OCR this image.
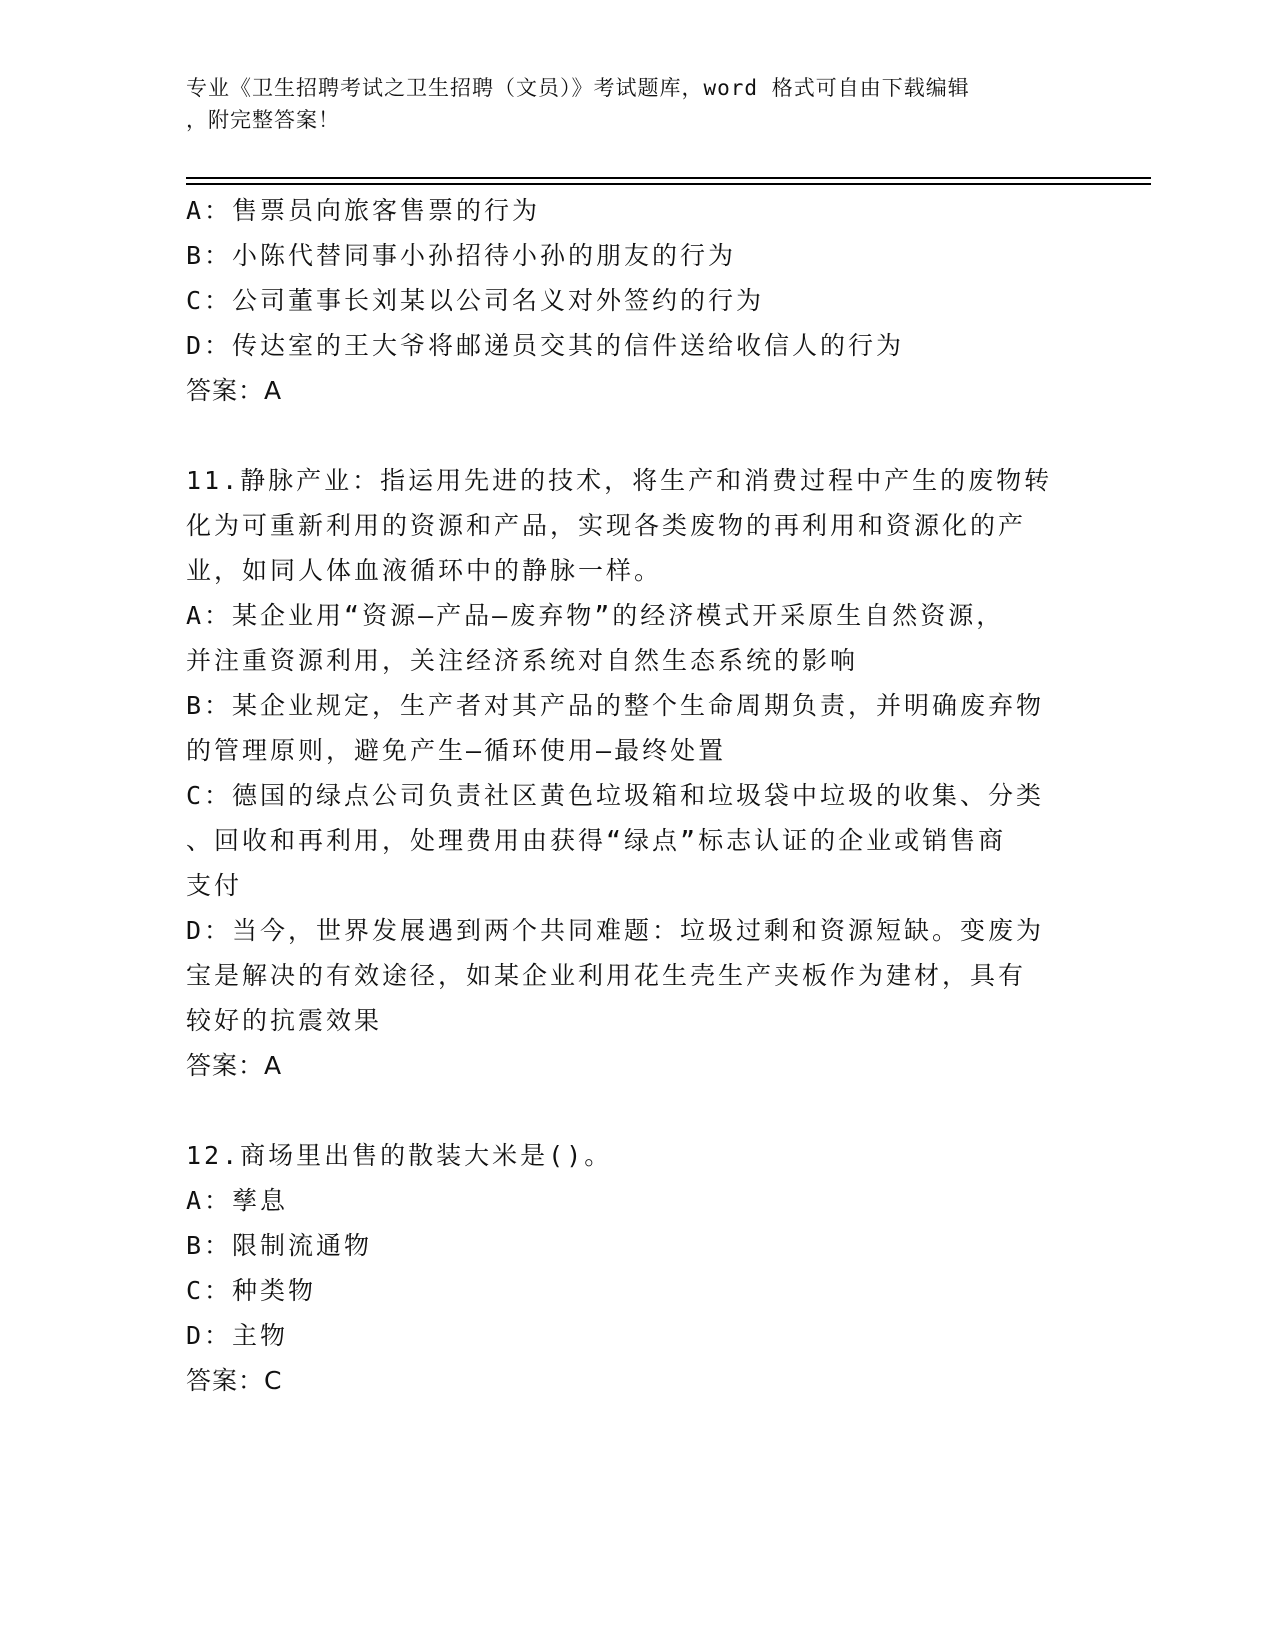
专业《卫生招聘考试之卫生招聘（文员）》考试题库，word 格式可自由下载编辑
，附完整答案！
A：售票员向旅客售票的行为
B：小陈代替同事小孙招待小孙的朋友的行为
C：公司董事长刘某以公司名义对外签约的行为
D：传达室的王大爷将邮递员交其的信件送给收信人的行为
答案：A
11.静脉产业：指运用先进的技术，将生产和消费过程中产生的废物转
化为可重新利用的资源和产品，实现各类废物的再利用和资源化的产
业，如同人体血液循环中的静脉一样。
A：某企业用“资源—产品—废弃物”的经济模式开采原生自然资源，
并注重资源利用，关注经济系统对自然生态系统的影响
B：某企业规定，生产者对其产品的整个生命周期负责，并明确废弃物
的管理原则，避免产生—循环使用—最终处置
C：德国的绿点公司负责社区黄色垃圾箱和垃圾袋中垃圾的收集、分类
、回收和再利用，处理费用由获得“绿点”标志认证的企业或销售商
支付
D：当今，世界发展遇到两个共同难题：垃圾过剩和资源短缺。变废为
宝是解决的有效途径，如某企业利用花生壳生产夹板作为建材，具有
较好的抗震效果
答案：A
12.商场里出售的散装大米是()。
A：孳息
B：限制流通物
C：种类物
D：主物
答案：C
